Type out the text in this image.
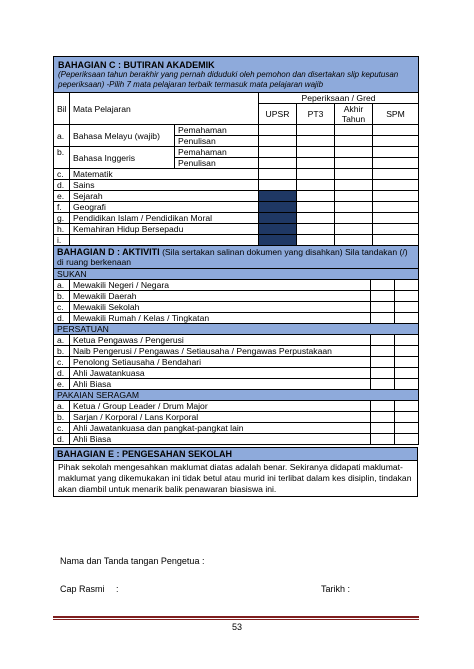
BAHAGIAN C : BUTIRAN AKADEMIK
(Peperiksaan tahun berakhir yang pernah diduduki oleh pemohon dan disertakan slip keputusan peperiksaan) -Pilih 7 mata pelajaran terbaik termasuk mata pelajaran wajib						

Bil	Mata Pelajaran		Peperiksaan / Gred			
			UPSR	PT3	Akhir Tahun	SPM
a.	Bahasa Melayu (wajib)	Pemahaman				
		Penulisan				
b.	Bahasa Inggeris	Pemahaman				
		Penulisan				
c.	Matematik					
d.	Sains					
e.	Sejarah					
f.	Geografi					
g.	Pendidikan Islam / Pendidikan Moral					
h.	Kemahiran Hidup Bersepadu					
i.						
BAHAGIAN D : AKTIVITI (Sila sertakan salinan dokumen yang disahkan) Sila tandakan (/) di ruang berkenaan			
SUKAN			
a.	Mewakili Negeri / Negara		
b.	Mewakili Daerah		
c.	Mewakili Sekolah		
d.	Mewakili Rumah / Kelas / Tingkatan		
PERSATUAN			
a.	Ketua Pengawas / Pengerusi		
b.	Naib Pengerusi / Pengawas / Setiausaha / Pengawas Perpustakaan		
c.	Penolong Setiausaha / Bendahari		
d.	Ahli Jawatankuasa		
e.	Ahli Biasa		
PAKAIAN SERAGAM			
a.	Ketua / Group Leader / Drum Major		
b.	Sarjan / Korporal / Lans Korporal		
c.	Ahli Jawatankuasa dan pangkat-pangkat lain		
d.	Ahli Biasa		
BAHAGIAN E : PENGESAHAN SEKOLAH
Pihak sekolah mengesahkan maklumat diatas adalah benar. Sekiranya didapati maklumat-maklumat yang dikemukakan ini tidak betul atau murid ini terlibat dalam kes disiplin, tindakan akan diambil untuk menarik balik penawaran biasiswa ini.
Nama dan Tanda tangan Pengetua :
Cap Rasmi :	Tarikh :
53
